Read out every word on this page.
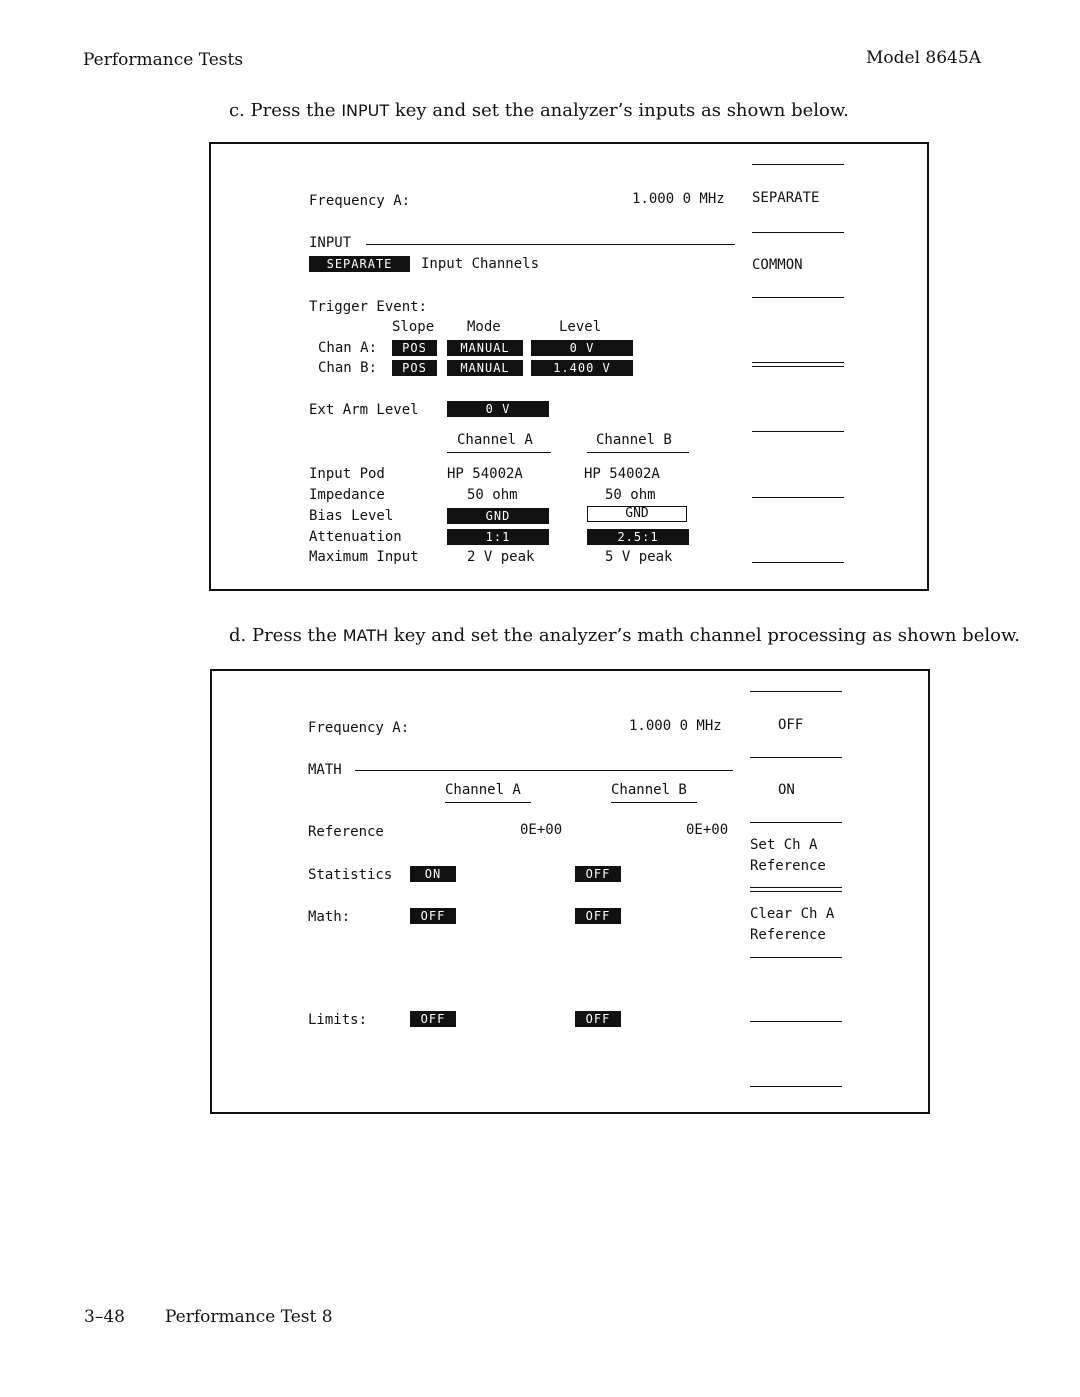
Performance Tests	Model 8645A
c. Press the INPUT key and set the analyzer’s inputs as shown below.
Frequency A:	1.000 0 MHz
INPUT
SEPARATE	Input Channels
Trigger Event:
Slope Mode	Level
Chan A:	POS	MANUAL	0 V
Chan B:	POS	MANUAL	1.400 V
Ext Arm Level	0 V
Channel A	Channel B
Input Pod	HP 54002A	HP 54002A
Impedance	50 ohm	50 ohm
Bias Level	GND	GND
Attenuation	1:1	2.5:1
Maximum Input	2 V peak	5 V peak
SEPARATE
COMMON
d. Press the MATH key and set the analyzer’s math channel processing as shown below.
Frequency A:	1.000 0 MHz
MATH
Channel A	Channel B
Reference	0E+00	0E+00
Statistics	ON	OFF
Math:	OFF	OFF
Limits:	OFF	OFF
OFF
ON
Set Ch A
Reference
Clear Ch A
Reference
3–48 Performance Test 8
